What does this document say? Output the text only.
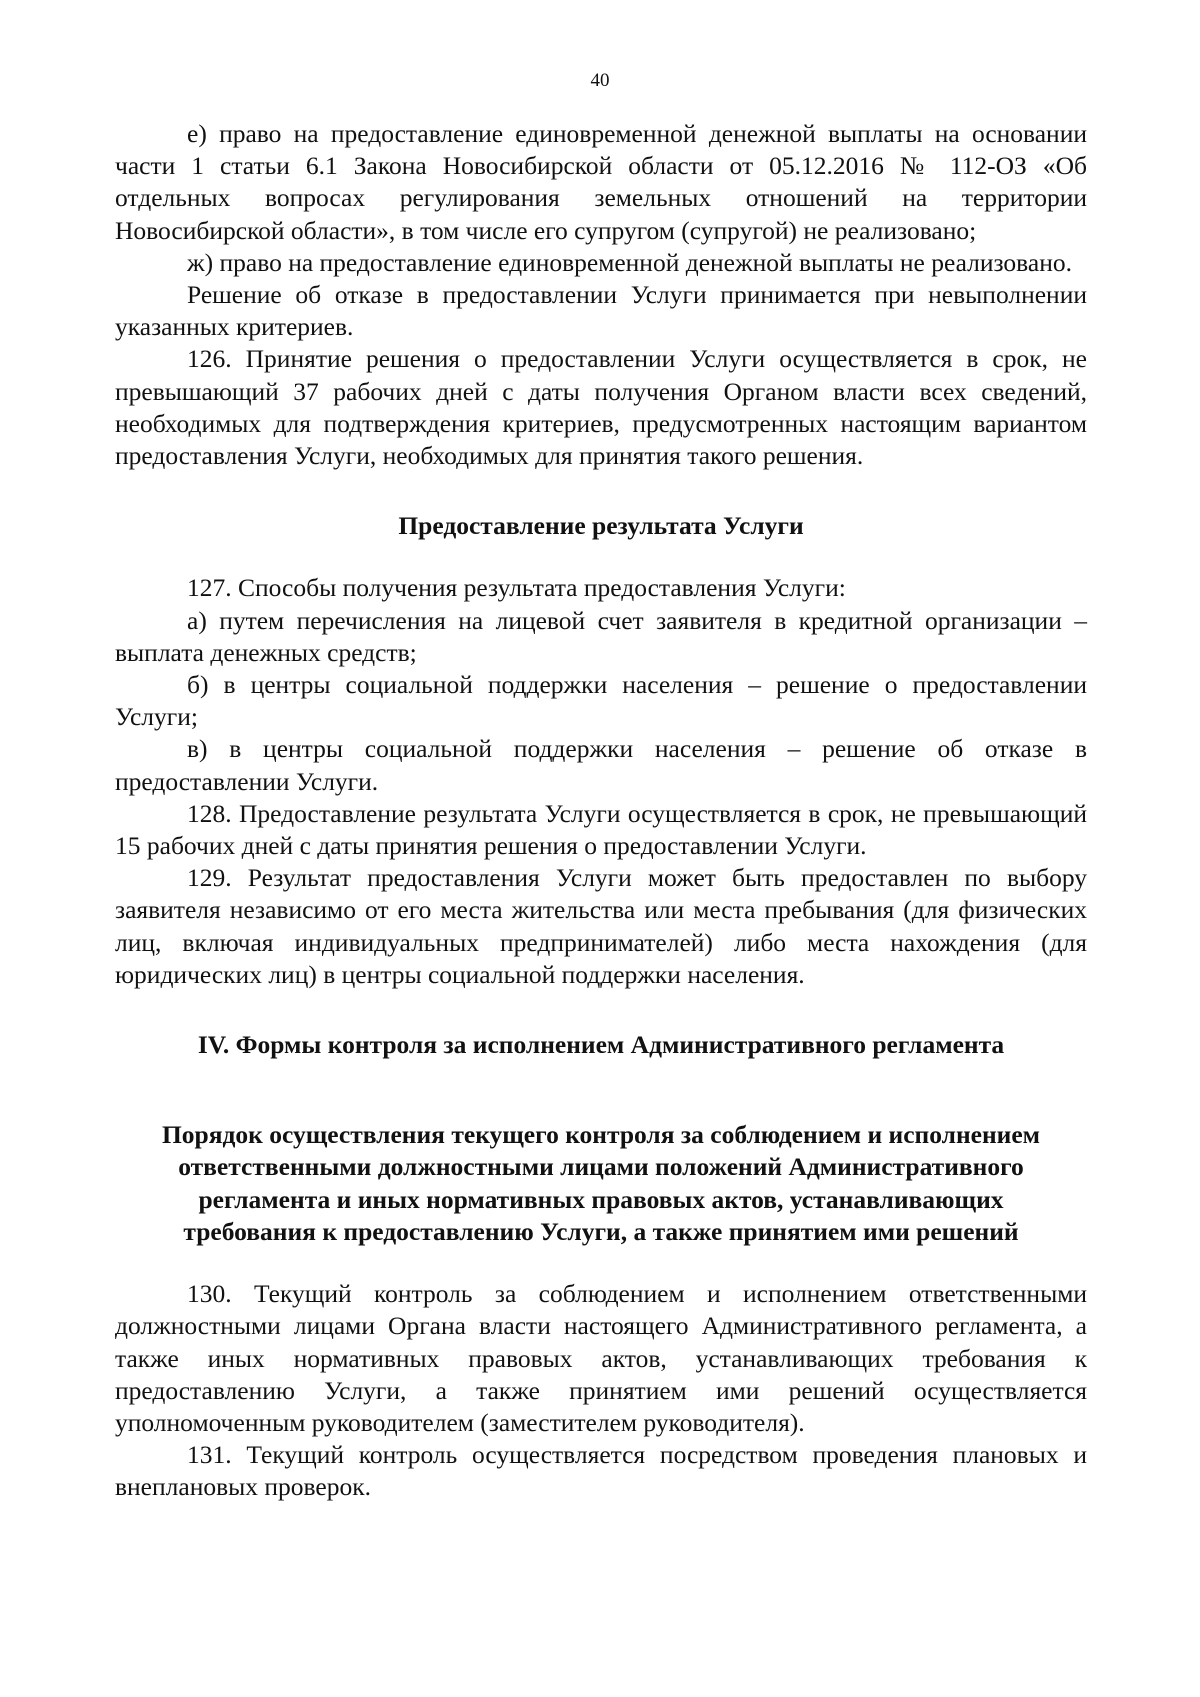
40

е) право на предоставление единовременной денежной выплаты на основании части 1 статьи 6.1 Закона Новосибирской области от 05.12.2016 № 112-ОЗ «Об отдельных вопросах регулирования земельных отношений на территории Новосибирской области», в том числе его супругом (супругой) не реализовано;

ж) право на предоставление единовременной денежной выплаты не реализовано.

Решение об отказе в предоставлении Услуги принимается при невыполнении указанных критериев.

126. Принятие решения о предоставлении Услуги осуществляется в срок, не превышающий 37 рабочих дней с даты получения Органом власти всех сведений, необходимых для подтверждения критериев, предусмотренных настоящим вариантом предоставления Услуги, необходимых для принятия такого решения.

Предоставление результата Услуги

127. Способы получения результата предоставления Услуги:

а) путем перечисления на лицевой счет заявителя в кредитной организации – выплата денежных средств;

б) в центры социальной поддержки населения – решение о предоставлении Услуги;

в) в центры социальной поддержки населения – решение об отказе в предоставлении Услуги.

128. Предоставление результата Услуги осуществляется в срок, не превышающий 15 рабочих дней с даты принятия решения о предоставлении Услуги.

129. Результат предоставления Услуги может быть предоставлен по выбору заявителя независимо от его места жительства или места пребывания (для физических лиц, включая индивидуальных предпринимателей) либо места нахождения (для юридических лиц) в центры социальной поддержки населения.

IV. Формы контроля за исполнением Административного регламента

Порядок осуществления текущего контроля за соблюдением и исполнением
ответственными должностными лицами положений Административного
регламента и иных нормативных правовых актов, устанавливающих
требования к предоставлению Услуги, а также принятием ими решений

130. Текущий контроль за соблюдением и исполнением ответственными должностными лицами Органа власти настоящего Административного регламента, а также иных нормативных правовых актов, устанавливающих требования к предоставлению Услуги, а также принятием ими решений осуществляется уполномоченным руководителем (заместителем руководителя).

131. Текущий контроль осуществляется посредством проведения плановых и внеплановых проверок.
